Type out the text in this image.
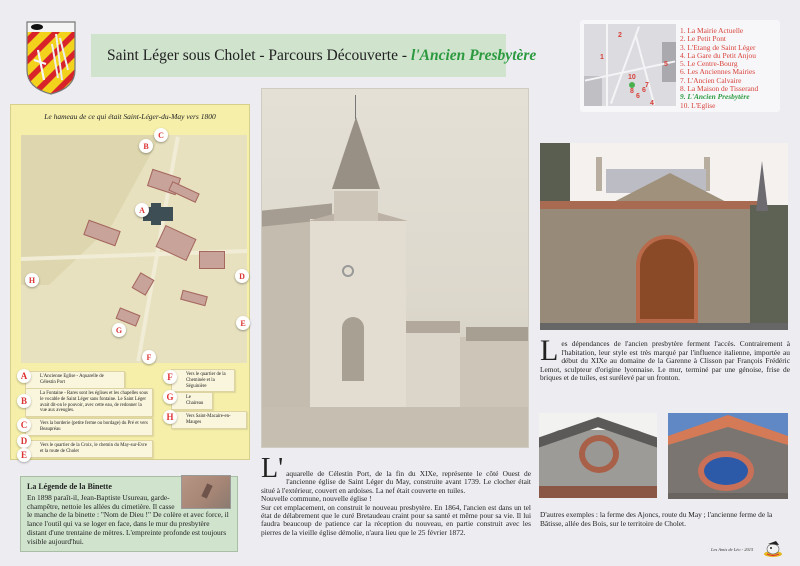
Saint Léger sous Cholet - Parcours Découverte - l'Ancien Presbytère
2
1
5
10
7
6
8
6
4
1. La Mairie Actuelle
2. Le Petit Pont
3. L'Etang de Saint Léger
4. La Gare du Petit Anjou
5. Le Centre-Bourg
6. Les Anciennes Mairies
7. L'Ancien Calvaire
8. La Maison de Tisserand
9. L'Ancien Presbytère
10. L'Eglise
Le hameau de ce qui était Saint-Léger-du-May vers 1800
A
B
C
D
E
F
G
H
L'Ancienne Eglise - Aquarelle de Célestin Port
A
La Fontaine - Rares sont les églises et les chapelles sous le vocable de Saint Léger sans fontaine. Le Saint Léger avait dit-on le pouvoir, avec cette eau, de redonner la vue aux aveugles.
B
Vers la borderie (petite ferme ou bordage) du Pré et vers Beaupréau
C
Vers le quartier de la Croix, le chemin du May-sur-Evre et la route de Cholet
D
E
Vers le quartier de la Cheminée et la Séguinière
F
Le Chaireau
G
Vers Saint-Macaire-en-Mauges
H
La Légende de la Binette

En 1898 paraît-il, Jean-Baptiste Usureau, garde-champêtre, nettoie les allées du cimetière. Il casse le manche de la binette : "Nom de Dieu !" De colère et avec force, il lance l'outil qui va se loger en face, dans le mur du presbytère distant d'une trentaine de mètres. L'empreinte profonde est toujours visible aujourd'hui.

L' aquarelle de Célestin Port, de la fin du XIXe, représente le côté Ouest de l'ancienne église de Saint Léger du May, construite avant 1739. Le clocher était situé à l'extérieur, couvert en ardoises. La nef était couverte en tuiles.

Nouvelle commune, nouvelle église !

Sur cet emplacement, on construit le nouveau presbytère. En 1864, l'ancien est dans un tel état de délabrement que le curé Bretaudeau craint pour sa santé et même pour sa vie. Il lui faudra beaucoup de patience car la réception du nouveau, en partie construit avec les pierres de la vieille église démolie, n'aura lieu que le 25 février 1872.

L es dépendances de l'ancien presbytère ferment l'accès. Contrairement à l'habitation, leur style est très marqué par l'influence italienne, importée au début du XIXe au domaine de la Garenne à Clisson par François Frédéric Lemot, sculpteur d'origine lyonnaise. Le mur, terminé par une génoise, frise de briques et de tuiles, est surélevé par un fronton.
D'autres exemples : la ferme des Ajoncs, route du May ; l'ancienne ferme de la Bâtisse, allée des Bois, sur le territoire de Cholet.
Les Amis de Léo - 2015
